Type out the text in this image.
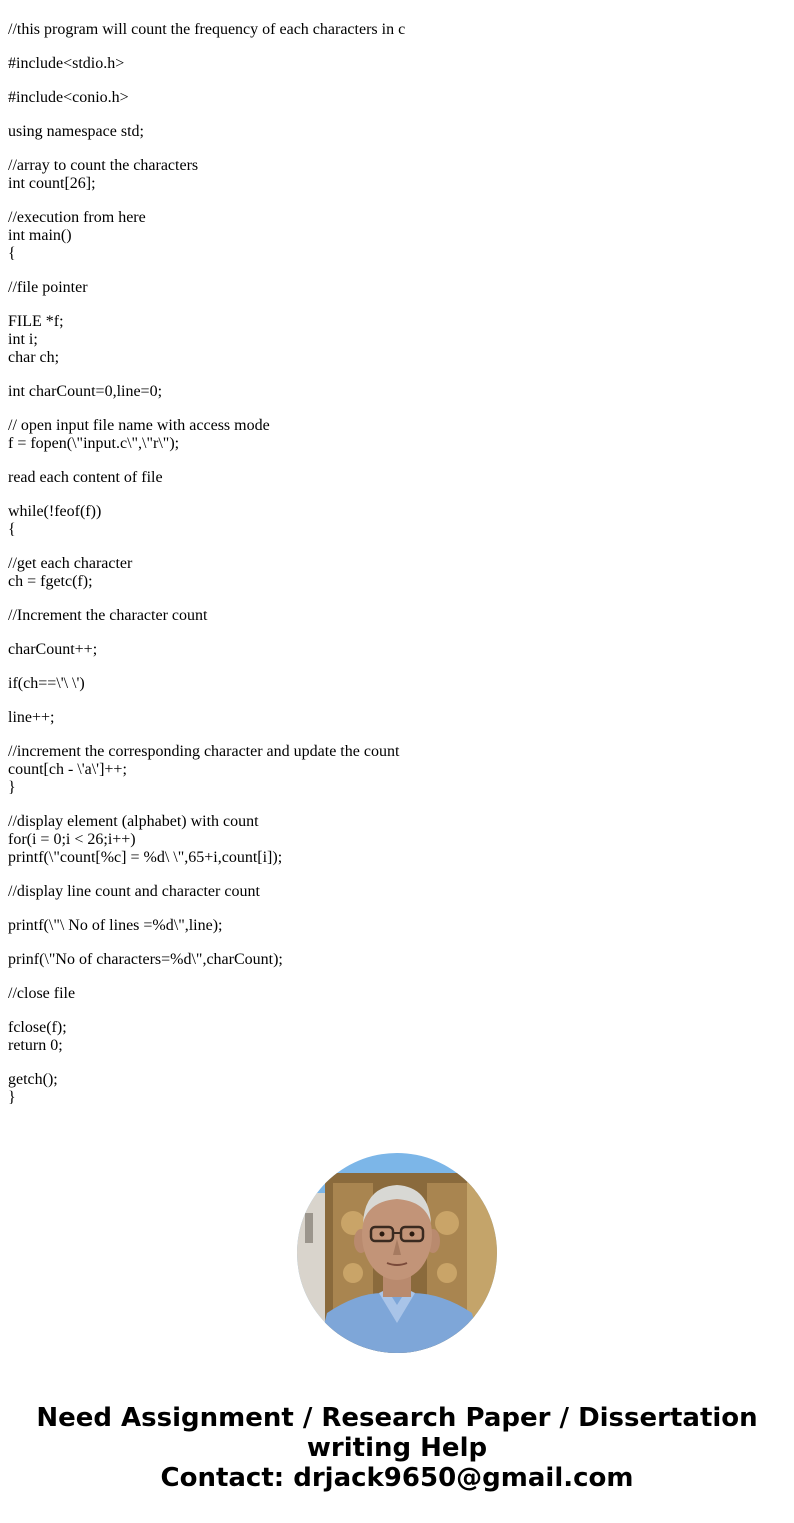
//this program will count the frequency of each characters in c
#include<stdio.h>
#include<conio.h>
using namespace std;
//array to count the characters
int count[26];
//execution from here
int main()
{
//file pointer
FILE *f;
int i;
char ch;
int charCount=0,line=0;
// open input file name with access mode
f = fopen(\"input.c\",\"r\");
read each content of file
while(!feof(f))
{
//get each character
ch = fgetc(f);
//Increment the character count
charCount++;
if(ch==\'\ \')
line++;
//increment the corresponding character and update the count
count[ch - \'a\']++;
}
//display element (alphabet) with count
for(i = 0;i < 26;i++)
printf(\"count[%c] = %d\ \",65+i,count[i]);
//display line count and character count
printf(\"\ No of lines =%d\",line);
prinf(\"No of characters=%d\",charCount);
//close file
fclose(f);
return 0;
getch();
}
Need Assignment / Research Paper / Dissertation
writing Help
Contact: drjack9650@gmail.com
